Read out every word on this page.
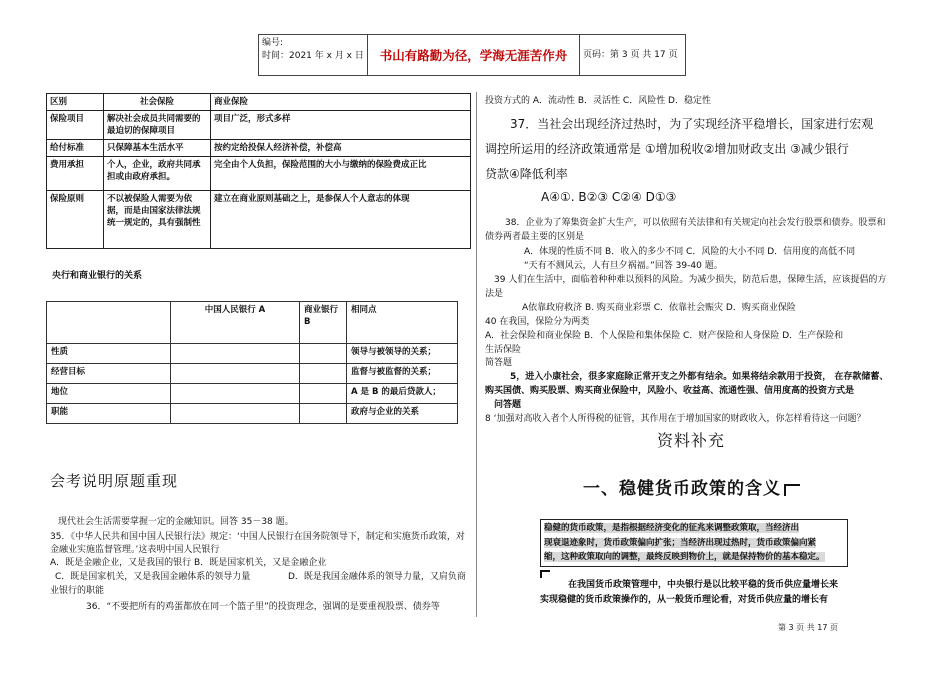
编号:
时间：2021 年 x 月 x 日	书山有路勤为径，学海无涯苦作舟	页码：第 3 页 共 17 页
区别	社会保险	商业保险
保险项目	解决社会成员共同需要的最迫切的保障项目	项目广泛，形式多样
给付标准	只保障基本生活水平	按约定给投保人经济补偿，补偿高
费用承担	个人，企业，政府共同承担或由政府承担。	完全由个人负担，保险范围的大小与缴纳的保险费成正比
保险原则	不以被保险人需要为依据，而是由国家法律法规统一规定的，具有强制性	建立在商业原则基础之上，是参保人个人意志的体现
央行和商业银行的关系
	中国人民银行 A	商业银行 B	相同点
性质			领导与被领导的关系；
经营目标			监督与被监督的关系；
地位			A 是 B 的最后贷款人；
职能			政府与企业的关系
会考说明原题重现
现代社会生活需要掌握一定的金融知识。回答 35－38 题。
35．《中华人民共和国中国人民银行法》规定：‘中国人民银行在国务院领导下，制定和实施货币政策，对金融业实施监督管理。’这表明中国人民银行
A．既是金融企业，又是我国的银行 B．既是国家机关，又是金融企业
C．既是国家机关，又是我国金融体系的领导力量	D．既是我国金融体系的领导力量，又肩负商
业银行的职能
36．“不要把所有的鸡蛋都放在同一个篮子里”的投资理念，强调的是要重视股票、债券等
投资方式的 A．流动性 B．灵活性 C．风险性 D．稳定性
37．当社会出现经济过热时，为了实现经济平稳增长，国家进行宏观
调控所运用的经济政策通常是 ①增加税收②增加财政支出 ③减少银行
贷款④降低利率
A④①. B②③ C②④ D①③
38．企业为了筹集资金扩大生产，可以依照有关法律和有关规定向社会发行股票和债券。股票和
债券两者最主要的区别是
A．体现的性质不同 B．收入的多少不同 C．风险的大小不同 D．信用度的高低不同
“天有不测风云，人有旦夕祸福。”回答 39-40 题。
39 人们在生活中，面临着种种难以预料的风险。为减少损失，防范后患，保障生活，应该提倡的方
法是
A依靠政府救济 B. 购买商业彩票 C．依靠社会赈灾 D．购买商业保险
40 在我国，保险分为两类
A．社会保险和商业保险 B．个人保险和集体保险 C．财产保险和人身保险 D．生产保险和
生活保险
简答题
5，进入小康社会，很多家庭除正常开支之外都有结余。如果将结余款用于投资， 在存款储蓄、
购买国债、购买股票、购买商业保险中，风险小、收益高、流通性强、信用度高的投资方式是
问答题
8 ‘加强对高收入者个人所得税的征管，其作用在于增加国家的财政收入，你怎样看待这一问题？
资料补充
一、稳健货币政策的含义
稳健的货币政策，是指根据经济变化的征兆来调整政策取，当经济出
现衰退迹象时，货币政策偏向扩张；当经济出现过热时，货币政策偏向紧
缩，这种政策取向的调整，最终反映到物价上，就是保持物价的基本稳定。
在我国货币政策管理中，中央银行是以比较平稳的货币供应量增长来
实现稳健的货币政策操作的，从一般货币理论看，对货币供应量的增长有
第 3 页 共 17 页
